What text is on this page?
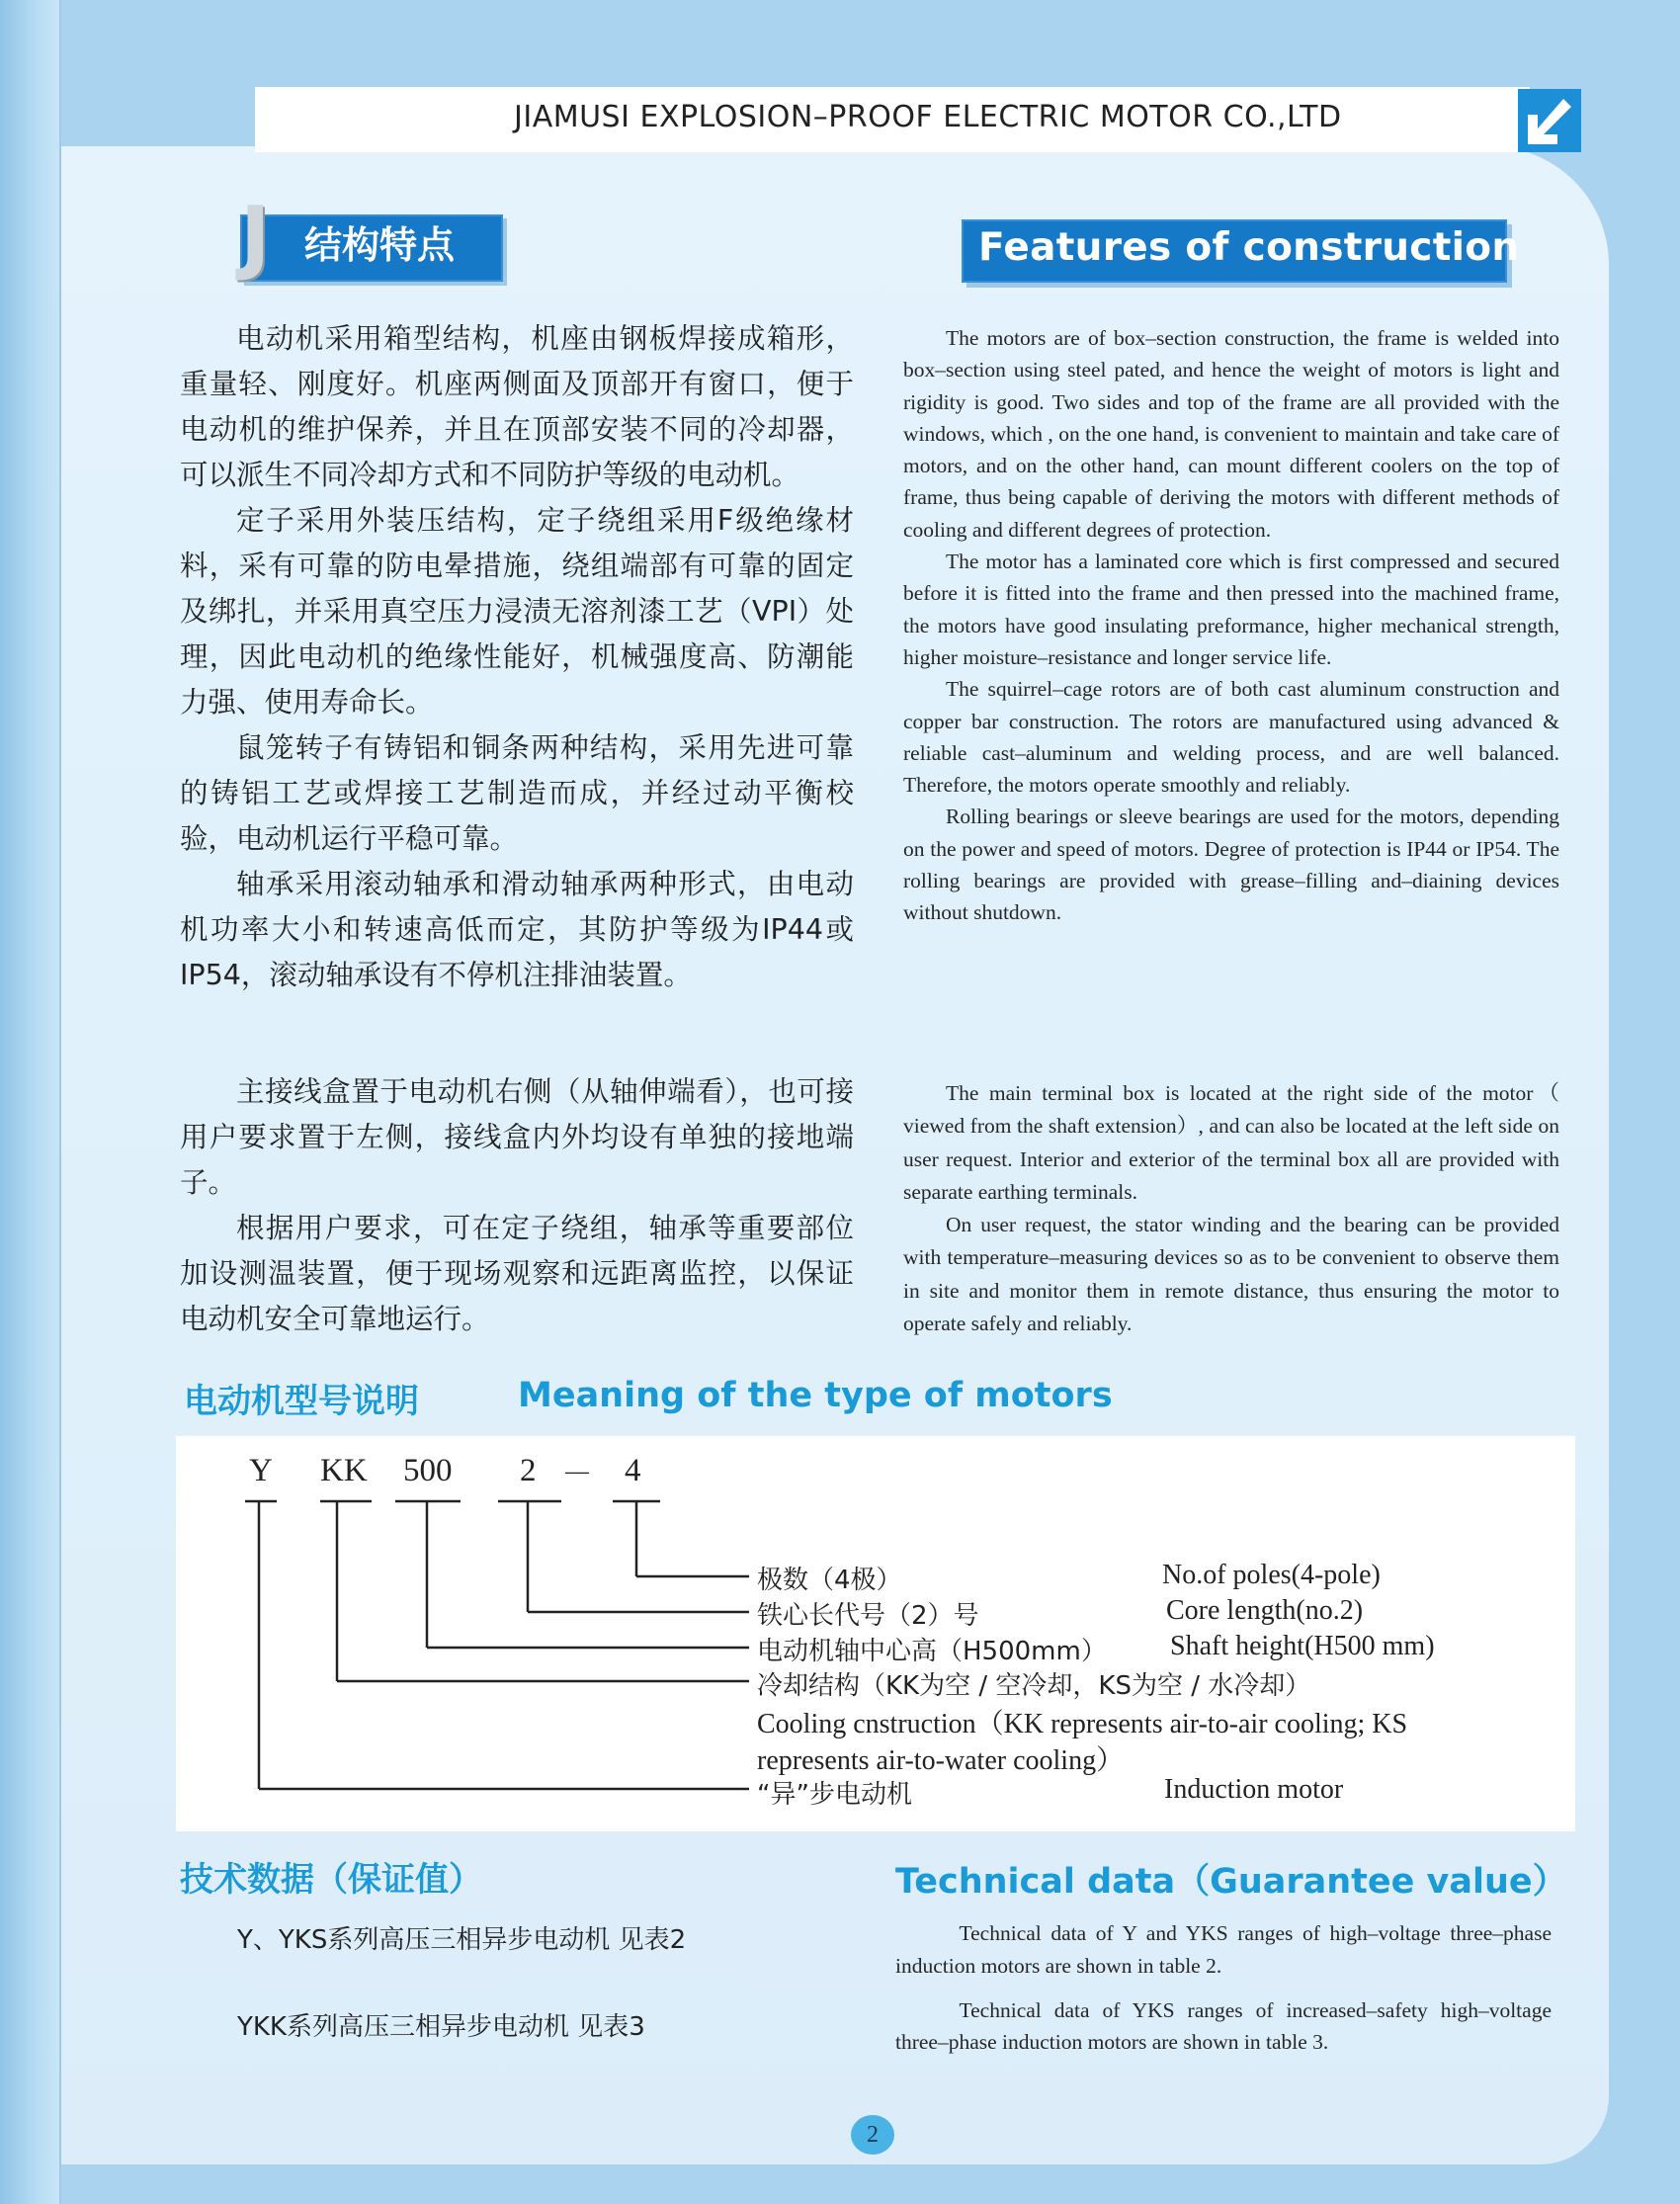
JIAMUSI EXPLOSION–PROOF ELECTRIC MOTOR CO.,LTD
J 结构特点	Features of construction

电动机采用箱型结构，机座由钢板焊接成箱形，重量轻、刚度好。机座两侧面及顶部开有窗口，便于电动机的维护保养，并且在顶部安装不同的冷却器，可以派生不同冷却方式和不同防护等级的电动机。

定子采用外装压结构，定子绕组采用F级绝缘材料，采有可靠的防电晕措施，绕组端部有可靠的固定及绑扎，并采用真空压力浸渍无溶剂漆工艺（VPI）处理，因此电动机的绝缘性能好，机械强度高、防潮能力强、使用寿命长。

鼠笼转子有铸铝和铜条两种结构，采用先进可靠的铸铝工艺或焊接工艺制造而成，并经过动平衡校验，电动机运行平稳可靠。

轴承采用滚动轴承和滑动轴承两种形式，由电动机功率大小和转速高低而定，其防护等级为IP44或IP54，滚动轴承设有不停机注排油装置。

主接线盒置于电动机右侧（从轴伸端看），也可接用户要求置于左侧，接线盒内外均设有单独的接地端子。

根据用户要求，可在定子绕组，轴承等重要部位加设测温装置，便于现场观察和远距离监控，以保证电动机安全可靠地运行。

The motors are of box–section construction, the frame is welded into box–section using steel pated, and hence the weight of motors is light and rigidity is good. Two sides and top of the frame are all provided with the windows, which , on the one hand, is convenient to maintain and take care of motors, and on the other hand, can mount different coolers on the top of frame, thus being capable of deriving the motors with different methods of cooling and different degrees of protection.

The motor has a laminated core which is first compressed and secured before it is fitted into the frame and then pressed into the machined frame, the motors have good insulating preformance, higher mechanical strength, higher moisture–resistance and longer service life.

The squirrel–cage rotors are of both cast aluminum construction and copper bar construction. The rotors are manufactured using advanced & reliable cast–aluminum and welding process, and are well balanced. Therefore, the motors operate smoothly and reliably.

Rolling bearings or sleeve bearings are used for the motors, depending on the power and speed of motors. Degree of protection is IP44 or IP54. The rolling bearings are provided with grease–filling and–diaining devices without shutdown.

The main terminal box is located at the right side of the motor（ viewed from the shaft extension）, and can also be located at the left side on user request. Interior and exterior of the terminal box all are provided with separate earthing terminals.

On user request, the stator winding and the bearing can be provided with temperature–measuring devices so as to be convenient to observe them in site and monitor them in remote distance, thus ensuring the motor to operate safely and reliably.

电动机型号说明	Meaning of the type of motors
Y KK 500 2 — 4
极数（4极）	No.of poles(4-pole)
铁心长代号（2）号	Core length(no.2)
电动机轴中心高（H500mm） Shaft height(H500 mm)
冷却结构（KK为空 / 空冷却，KS为空 / 水冷却）
Cooling cnstruction（KK represents air-to-air cooling; KS
represents air-to-water cooling）
“异”步电动机	Induction motor
技术数据（保证值）	Technical data（Guarantee value）
Y、YKS系列高压三相异步电动机 见表2
YKK系列高压三相异步电动机 见表3

Technical data of Y and YKS ranges of high–voltage three–phase induction motors are shown in table 2.

Technical data of YKS ranges of increased–safety high–voltage three–phase induction motors are shown in table 3.

2
